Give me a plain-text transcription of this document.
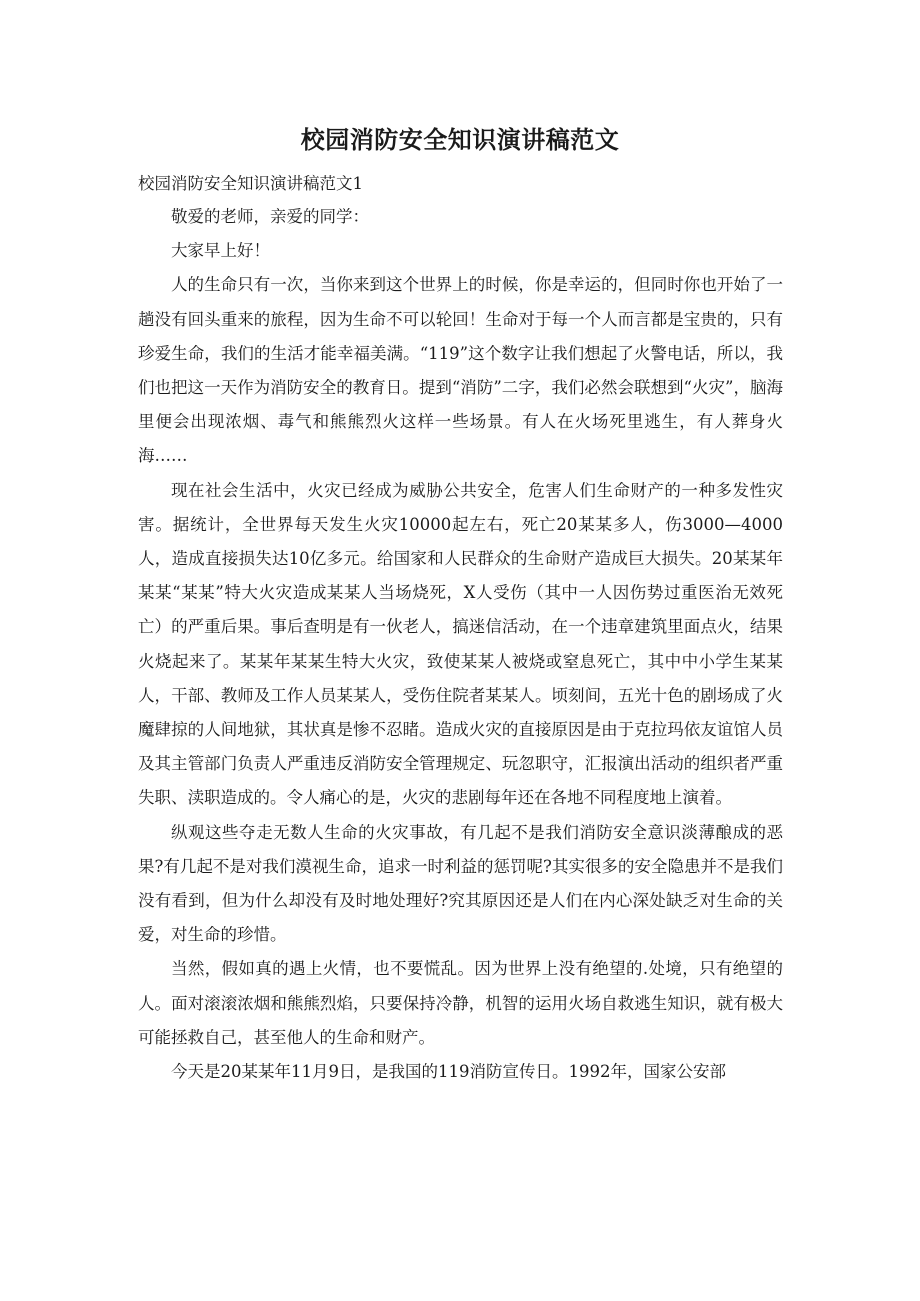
校园消防安全知识演讲稿范文

校园消防安全知识演讲稿范文1

敬爱的老师，亲爱的同学：

大家早上好！

人的生命只有一次，当你来到这个世界上的时候，你是幸运的，但同时你也开始了一趟没有回头重来的旅程，因为生命不可以轮回！生命对于每一个人而言都是宝贵的，只有珍爱生命，我们的生活才能幸福美满。“119”这个数字让我们想起了火警电话，所以，我们也把这一天作为消防安全的教育日。提到“消防”二字，我们必然会联想到“火灾”，脑海里便会出现浓烟、毒气和熊熊烈火这样一些场景。有人在火场死里逃生，有人葬身火海……

现在社会生活中，火灾已经成为威胁公共安全，危害人们生命财产的一种多发性灾害。据统计，全世界每天发生火灾10000起左右，死亡20某某多人，伤3000—4000人，造成直接损失达10亿多元。给国家和人民群众的生命财产造成巨大损失。20某某年某某“某某”特大火灾造成某某人当场烧死，X人受伤（其中一人因伤势过重医治无效死亡）的严重后果。事后查明是有一伙老人，搞迷信活动，在一个违章建筑里面点火，结果火烧起来了。某某年某某生特大火灾，致使某某人被烧或窒息死亡，其中中小学生某某人，干部、教师及工作人员某某人，受伤住院者某某人。顷刻间，五光十色的剧场成了火魔肆掠的人间地狱，其状真是惨不忍睹。造成火灾的直接原因是由于克拉玛依友谊馆人员及其主管部门负责人严重违反消防安全管理规定、玩忽职守，汇报演出活动的组织者严重失职、渎职造成的。令人痛心的是，火灾的悲剧每年还在各地不同程度地上演着。

纵观这些夺走无数人生命的火灾事故，有几起不是我们消防安全意识淡薄酿成的恶果?有几起不是对我们漠视生命，追求一时利益的惩罚呢?其实很多的安全隐患并不是我们没有看到，但为什么却没有及时地处理好?究其原因还是人们在内心深处缺乏对生命的关爱，对生命的珍惜。

当然，假如真的遇上火情，也不要慌乱。因为世界上没有绝望的.处境，只有绝望的人。面对滚滚浓烟和熊熊烈焰，只要保持冷静，机智的运用火场自救逃生知识，就有极大可能拯救自己，甚至他人的生命和财产。

今天是20某某年11月9日，是我国的119消防宣传日。1992年，国家公安部
